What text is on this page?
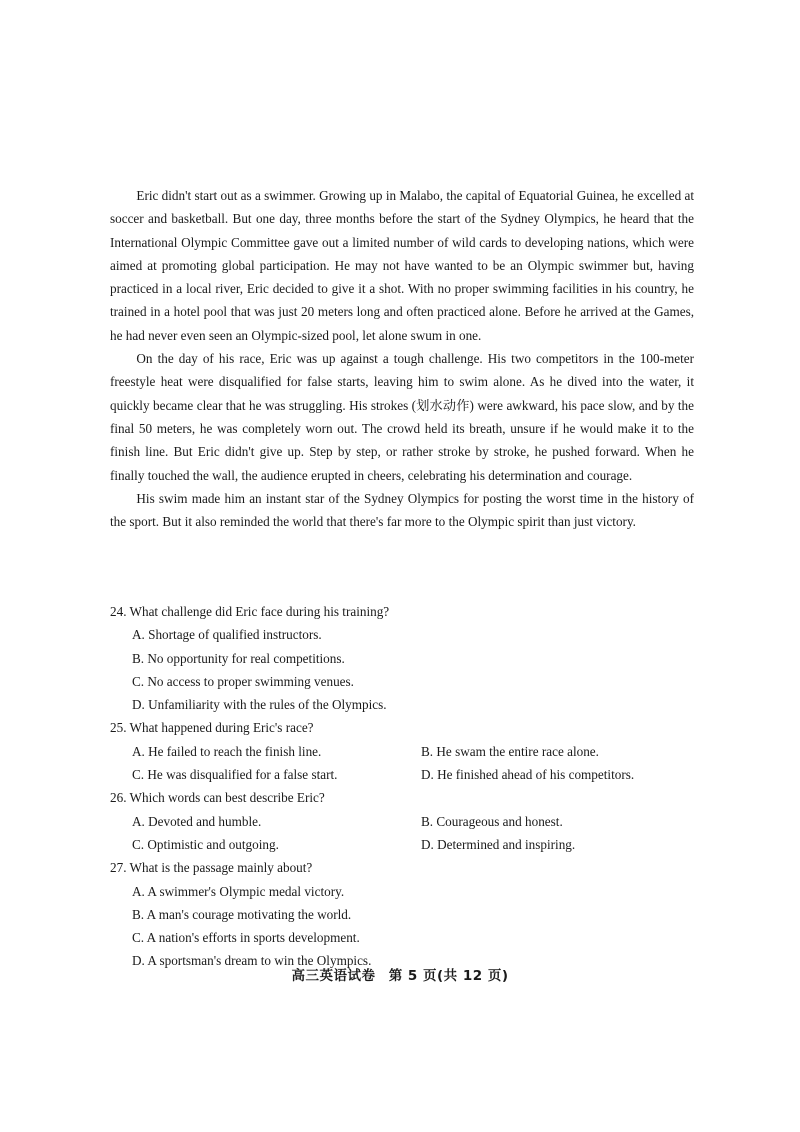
Eric didn't start out as a swimmer. Growing up in Malabo, the capital of Equatorial Guinea, he excelled at soccer and basketball. But one day, three months before the start of the Sydney Olympics, he heard that the International Olympic Committee gave out a limited number of wild cards to developing nations, which were aimed at promoting global participation. He may not have wanted to be an Olympic swimmer but, having practiced in a local river, Eric decided to give it a shot. With no proper swimming facilities in his country, he trained in a hotel pool that was just 20 meters long and often practiced alone. Before he arrived at the Games, he had never even seen an Olympic-sized pool, let alone swum in one.

On the day of his race, Eric was up against a tough challenge. His two competitors in the 100-meter freestyle heat were disqualified for false starts, leaving him to swim alone. As he dived into the water, it quickly became clear that he was struggling. His strokes (划水动作) were awkward, his pace slow, and by the final 50 meters, he was completely worn out. The crowd held its breath, unsure if he would make it to the finish line. But Eric didn't give up. Step by step, or rather stroke by stroke, he pushed forward. When he finally touched the wall, the audience erupted in cheers, celebrating his determination and courage.

His swim made him an instant star of the Sydney Olympics for posting the worst time in the history of the sport. But it also reminded the world that there's far more to the Olympic spirit than just victory.

24. What challenge did Eric face during his training?

A. Shortage of qualified instructors.

B. No opportunity for real competitions.

C. No access to proper swimming venues.

D. Unfamiliarity with the rules of the Olympics.

25. What happened during Eric's race?

A. He failed to reach the finish line.	B. He swam the entire race alone.
C. He was disqualified for a false start.	D. He finished ahead of his competitors.

26. Which words can best describe Eric?

A. Devoted and humble.	B. Courageous and honest.
C. Optimistic and outgoing.	D. Determined and inspiring.

27. What is the passage mainly about?

A. A swimmer's Olympic medal victory.

B. A man's courage motivating the world.

C. A nation's efforts in sports development.

D. A sportsman's dream to win the Olympics.

高三英语试卷 第 5 页(共 12 页)
